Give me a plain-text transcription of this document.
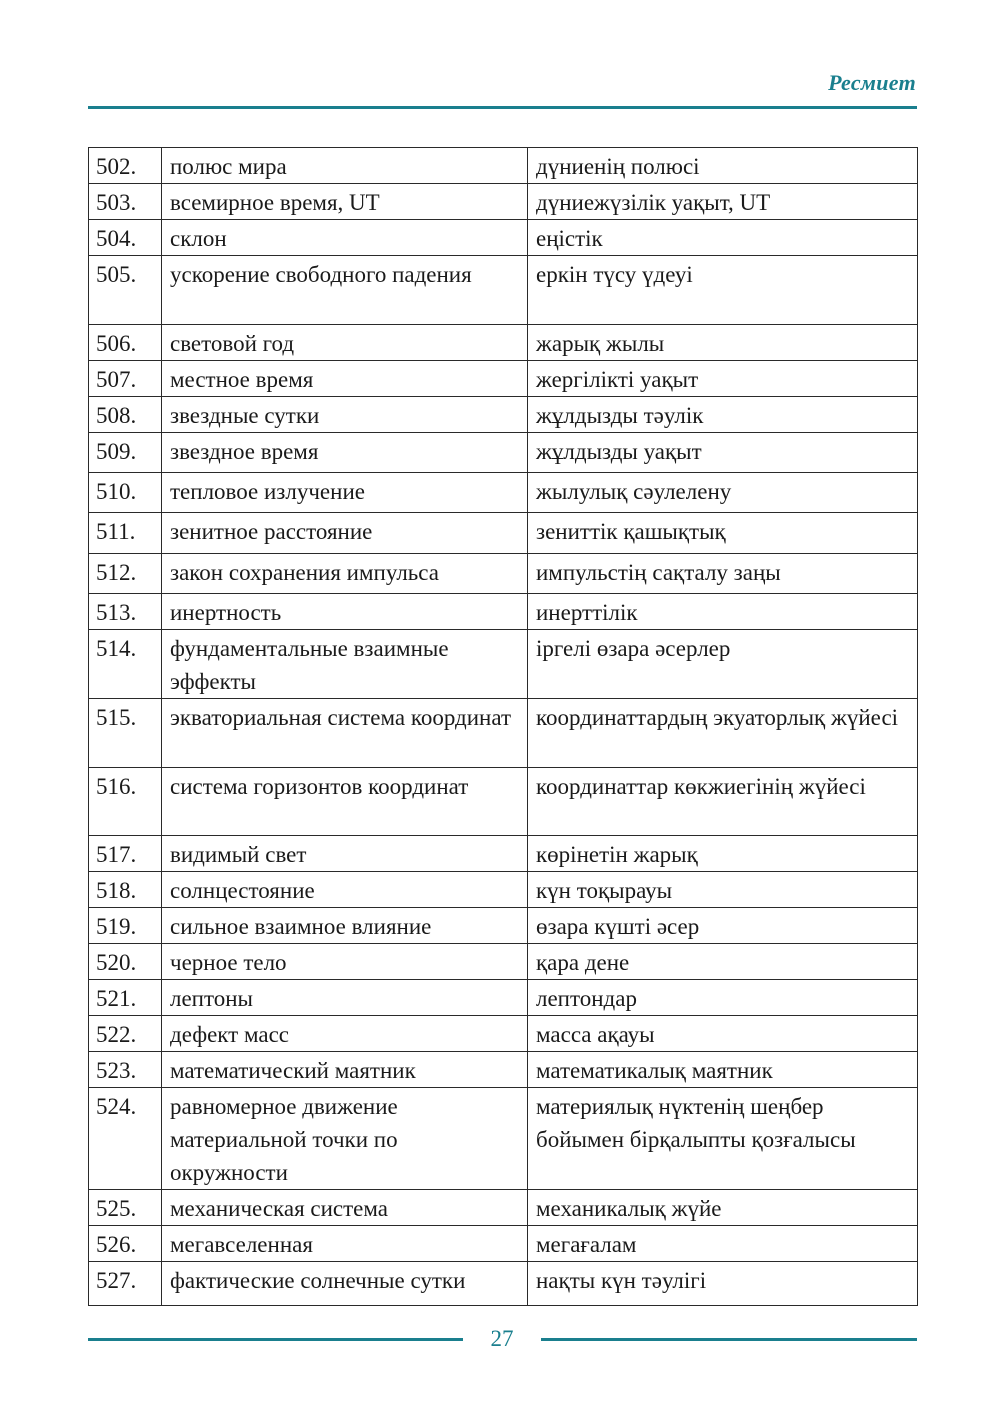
Ресмиет
502.	полюс мира	дүниенің полюсі
503.	всемирное время, UT	дүниежүзілік уақыт, UT
504.	склон	еңістік
505.	ускорение свободного падения	еркін түсу үдеуі
506.	световой год	жарық жылы
507.	местное время	жергілікті уақыт
508.	звездные сутки	жұлдызды тәулік
509.	звездное время	жұлдызды уақыт
510.	тепловое излучение	жылулық сәулелену
511.	зенитное расстояние	зениттік қашықтық
512.	закон сохранения импульса	импульстің сақталу заңы
513.	инертность	инерттілік
514.	фундаментальные взаимные эффекты	іргелі өзара әсерлер
515.	экваториальная система координат	координаттардың экуаторлық жүйесі
516.	система горизонтов координат	координаттар көкжиегінің жүйесі
517.	видимый свет	көрінетін жарық
518.	солнцестояние	күн тоқырауы
519.	сильное взаимное влияние	өзара күшті әсер
520.	черное тело	қара дене
521.	лептоны	лептондар
522.	дефект масс	масса ақауы
523.	математический маятник	математикалық маятник
524.	равномерное движение материальной точки по окружности	материялық нүктенің шеңбер бойымен бірқалыпты қозғалысы
525.	механическая система	механикалық жүйе
526.	мегавселенная	мегағалам
527.	фактические солнечные сутки	нақты күн тәулігі
27
